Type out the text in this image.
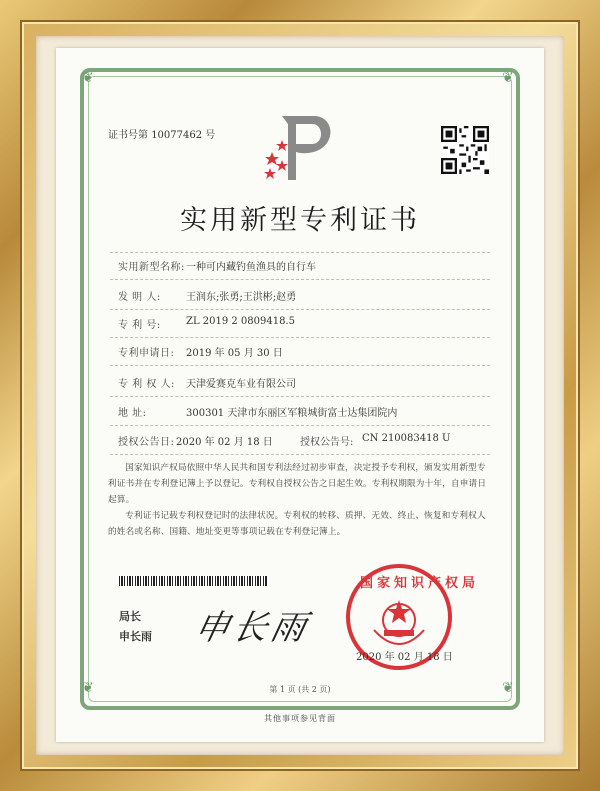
❦	❦
❦	❦
证书号第 10077462 号
实用新型专利证书
实用新型名称: 一种可内藏钓鱼渔具的自行车
发 明 人:	王润东;张勇;王洪彬;赵勇
专 利 号:	ZL 2019 2 0809418.5
专利申请日: 2019 年 05 月 30 日
专 利 权 人: 天津爱赛克车业有限公司
地 址:	300301 天津市东丽区军粮城街富士达集团院内
授权公告日: 2020 年 02 月 18 日	授权公告号: CN 210083418 U
国家知识产权局依照中华人民共和国专利法经过初步审查，决定授予专利权，颁发实用新型专利证书并在专利登记簿上予以登记。专利权自授权公告之日起生效。专利权期限为十年，自申请日起算。
专利证书记载专利权登记时的法律状况。专利权的转移、质押、无效、终止、恢复和专利权人的姓名或名称、国籍、地址变更等事项记载在专利登记簿上。
局长
申长雨 申长雨
国家知识产权局
2020 年 02 月 18 日
第 1 页 (共 2 页)
其他事项参见背面
